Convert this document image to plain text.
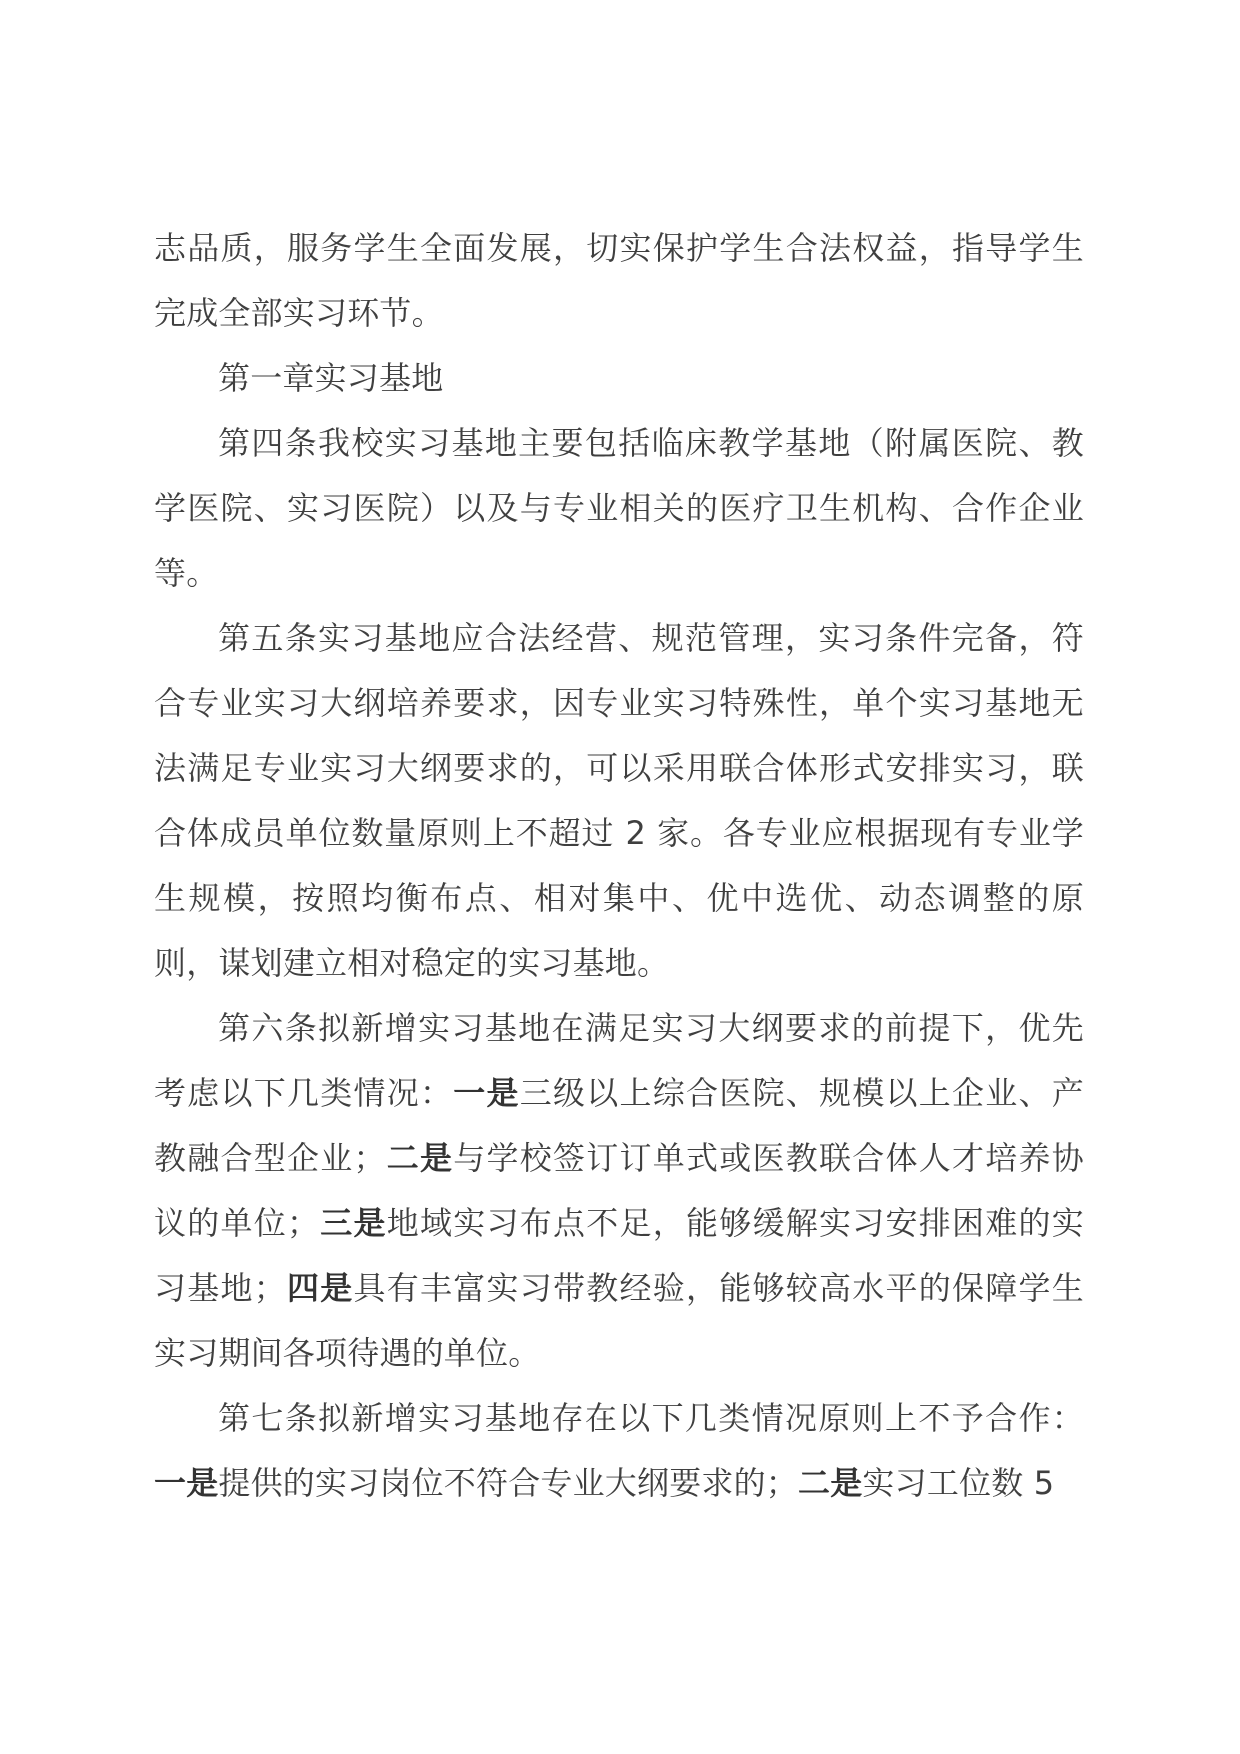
志品质，服务学生全面发展，切实保护学生合法权益，指导学生完成全部实习环节。

第一章实习基地

第四条我校实习基地主要包括临床教学基地（附属医院、教学医院、实习医院）以及与专业相关的医疗卫生机构、合作企业等。

第五条实习基地应合法经营、规范管理，实习条件完备，符合专业实习大纲培养要求，因专业实习特殊性，单个实习基地无法满足专业实习大纲要求的，可以采用联合体形式安排实习，联合体成员单位数量原则上不超过 2 家。各专业应根据现有专业学生规模，按照均衡布点、相对集中、优中选优、动态调整的原则，谋划建立相对稳定的实习基地。

第六条拟新增实习基地在满足实习大纲要求的前提下，优先考虑以下几类情况：一是三级以上综合医院、规模以上企业、产教融合型企业；二是与学校签订订单式或医教联合体人才培养协议的单位；三是地域实习布点不足，能够缓解实习安排困难的实习基地；四是具有丰富实习带教经验，能够较高水平的保障学生实习期间各项待遇的单位。

第七条拟新增实习基地存在以下几类情况原则上不予合作：一是提供的实习岗位不符合专业大纲要求的；二是实习工位数 5
